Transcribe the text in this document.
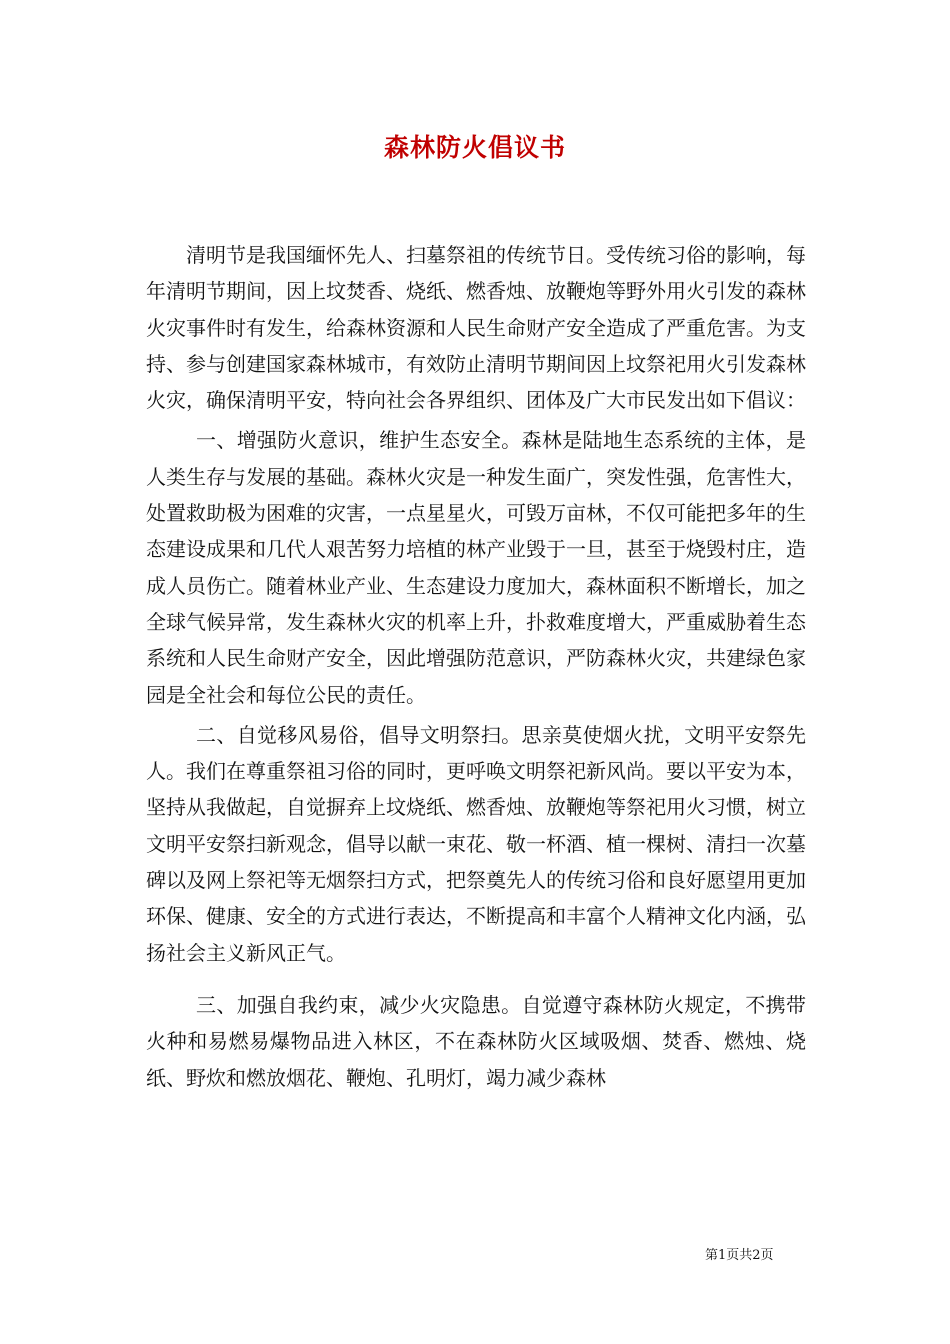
森林防火倡议书

清明节是我国缅怀先人、扫墓祭祖的传统节日。受传统习俗的影响，每年清明节期间，因上坟焚香、烧纸、燃香烛、放鞭炮等野外用火引发的森林火灾事件时有发生，给森林资源和人民生命财产安全造成了严重危害。为支持、参与创建国家森林城市，有效防止清明节期间因上坟祭祀用火引发森林火灾，确保清明平安，特向社会各界组织、团体及广大市民发出如下倡议：

一、增强防火意识，维护生态安全。森林是陆地生态系统的主体，是人类生存与发展的基础。森林火灾是一种发生面广，突发性强，危害性大，处置救助极为困难的灾害，一点星星火，可毁万亩林，不仅可能把多年的生态建设成果和几代人艰苦努力培植的林产业毁于一旦，甚至于烧毁村庄，造成人员伤亡。随着林业产业、生态建设力度加大，森林面积不断增长，加之全球气候异常，发生森林火灾的机率上升，扑救难度增大，严重威胁着生态系统和人民生命财产安全，因此增强防范意识，严防森林火灾，共建绿色家园是全社会和每位公民的责任。

二、自觉移风易俗，倡导文明祭扫。思亲莫使烟火扰，文明平安祭先人。我们在尊重祭祖习俗的同时，更呼唤文明祭祀新风尚。要以平安为本，坚持从我做起，自觉摒弃上坟烧纸、燃香烛、放鞭炮等祭祀用火习惯，树立文明平安祭扫新观念，倡导以献一束花、敬一杯酒、植一棵树、清扫一次墓碑以及网上祭祀等无烟祭扫方式，把祭奠先人的传统习俗和良好愿望用更加环保、健康、安全的方式进行表达，不断提高和丰富个人精神文化内涵，弘扬社会主义新风正气。

三、加强自我约束，减少火灾隐患。自觉遵守森林防火规定，不携带火种和易燃易爆物品进入林区，不在森林防火区域吸烟、焚香、燃烛、烧纸、野炊和燃放烟花、鞭炮、孔明灯，竭力减少森林

第1页共2页
